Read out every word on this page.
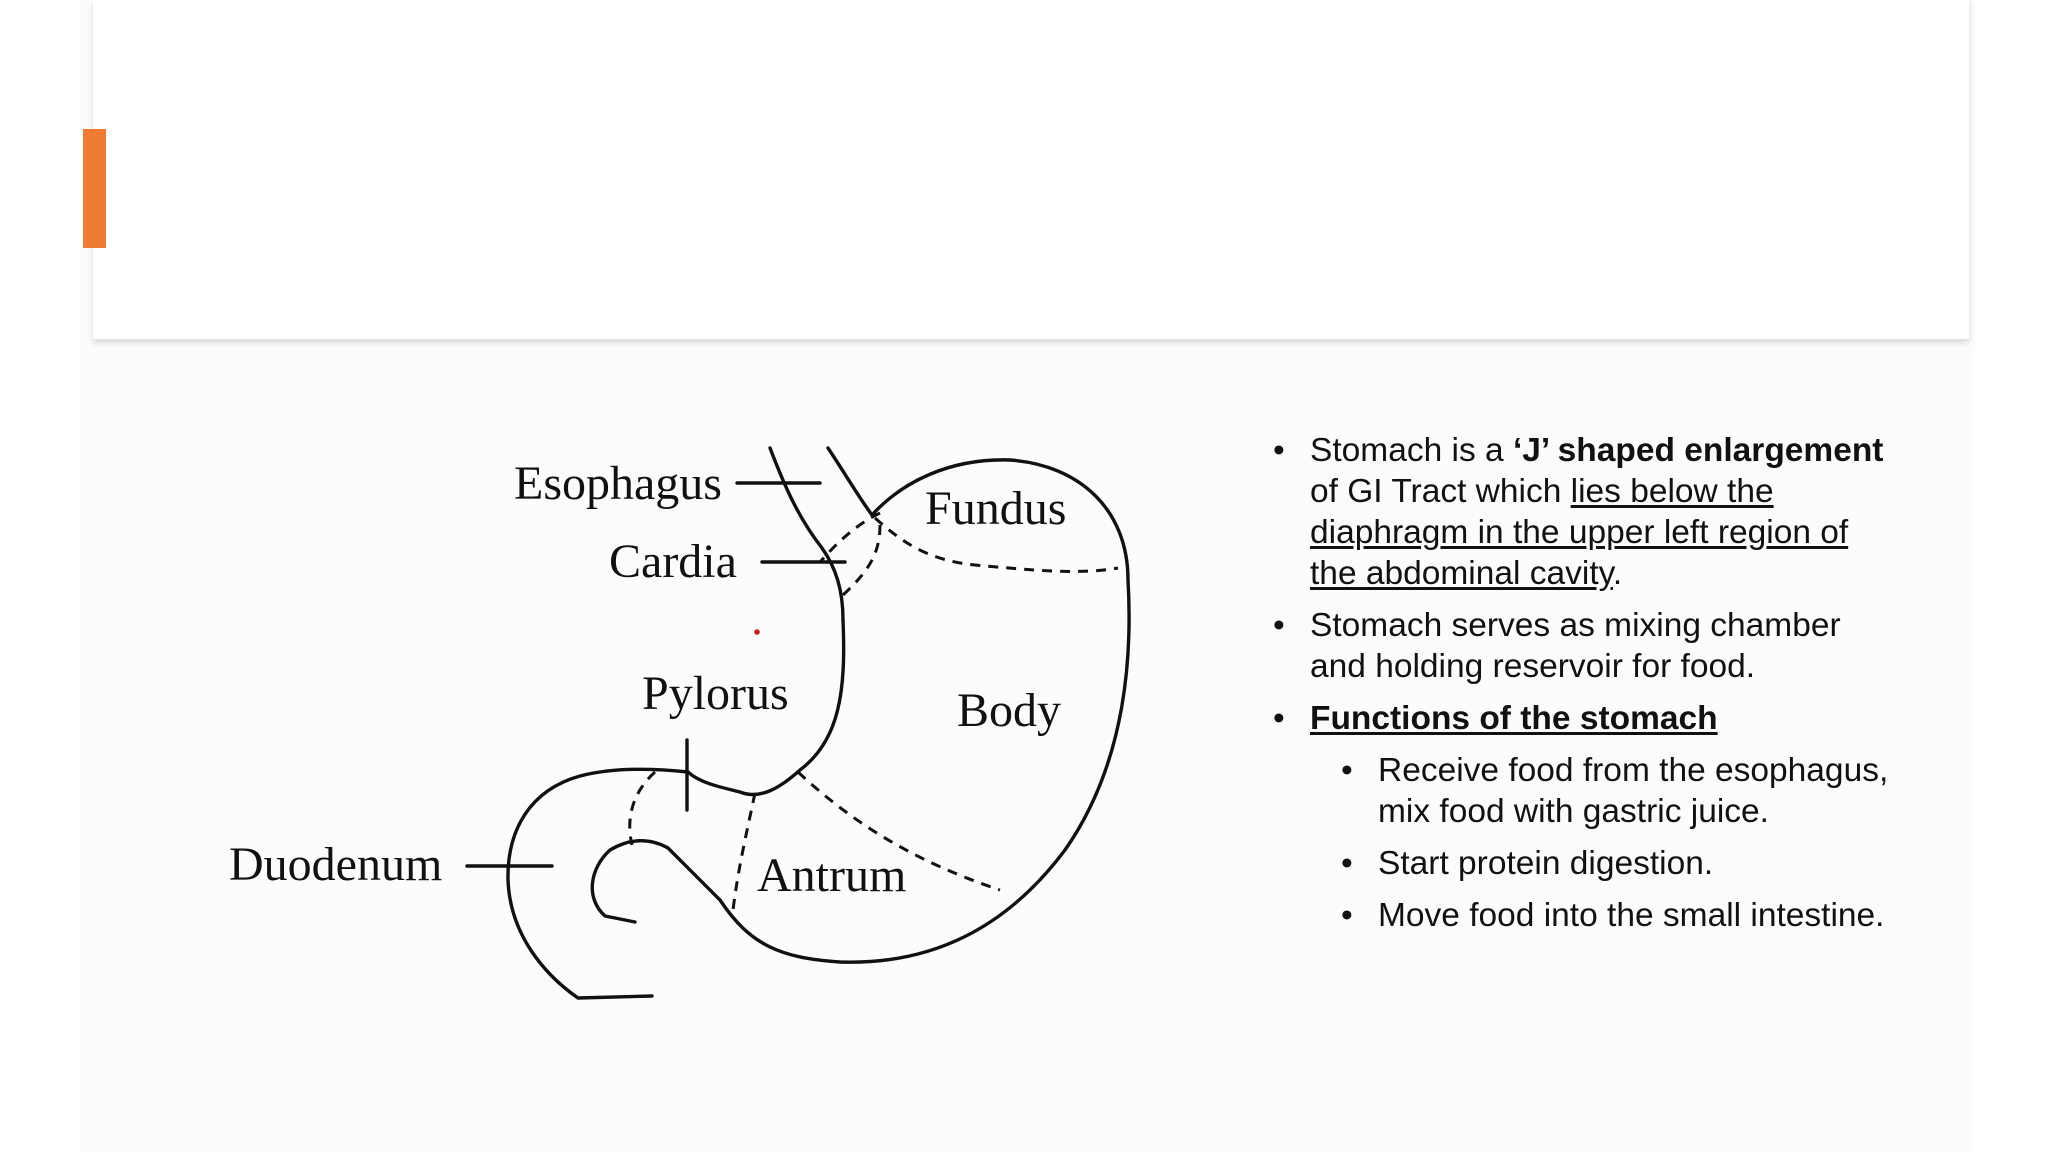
Esophagus
Cardia
Fundus
Pylorus	Body
Duodenum	Antrum
• Stomach is a ‘J’ shaped enlargement of GI Tract which lies below the diaphragm in the upper left region of the abdominal cavity.
• Stomach serves as mixing chamber and holding reservoir for food.
• Functions of the stomach
• Receive food from the esophagus, mix food with gastric juice.
• Start protein digestion.
• Move food into the small intestine.
